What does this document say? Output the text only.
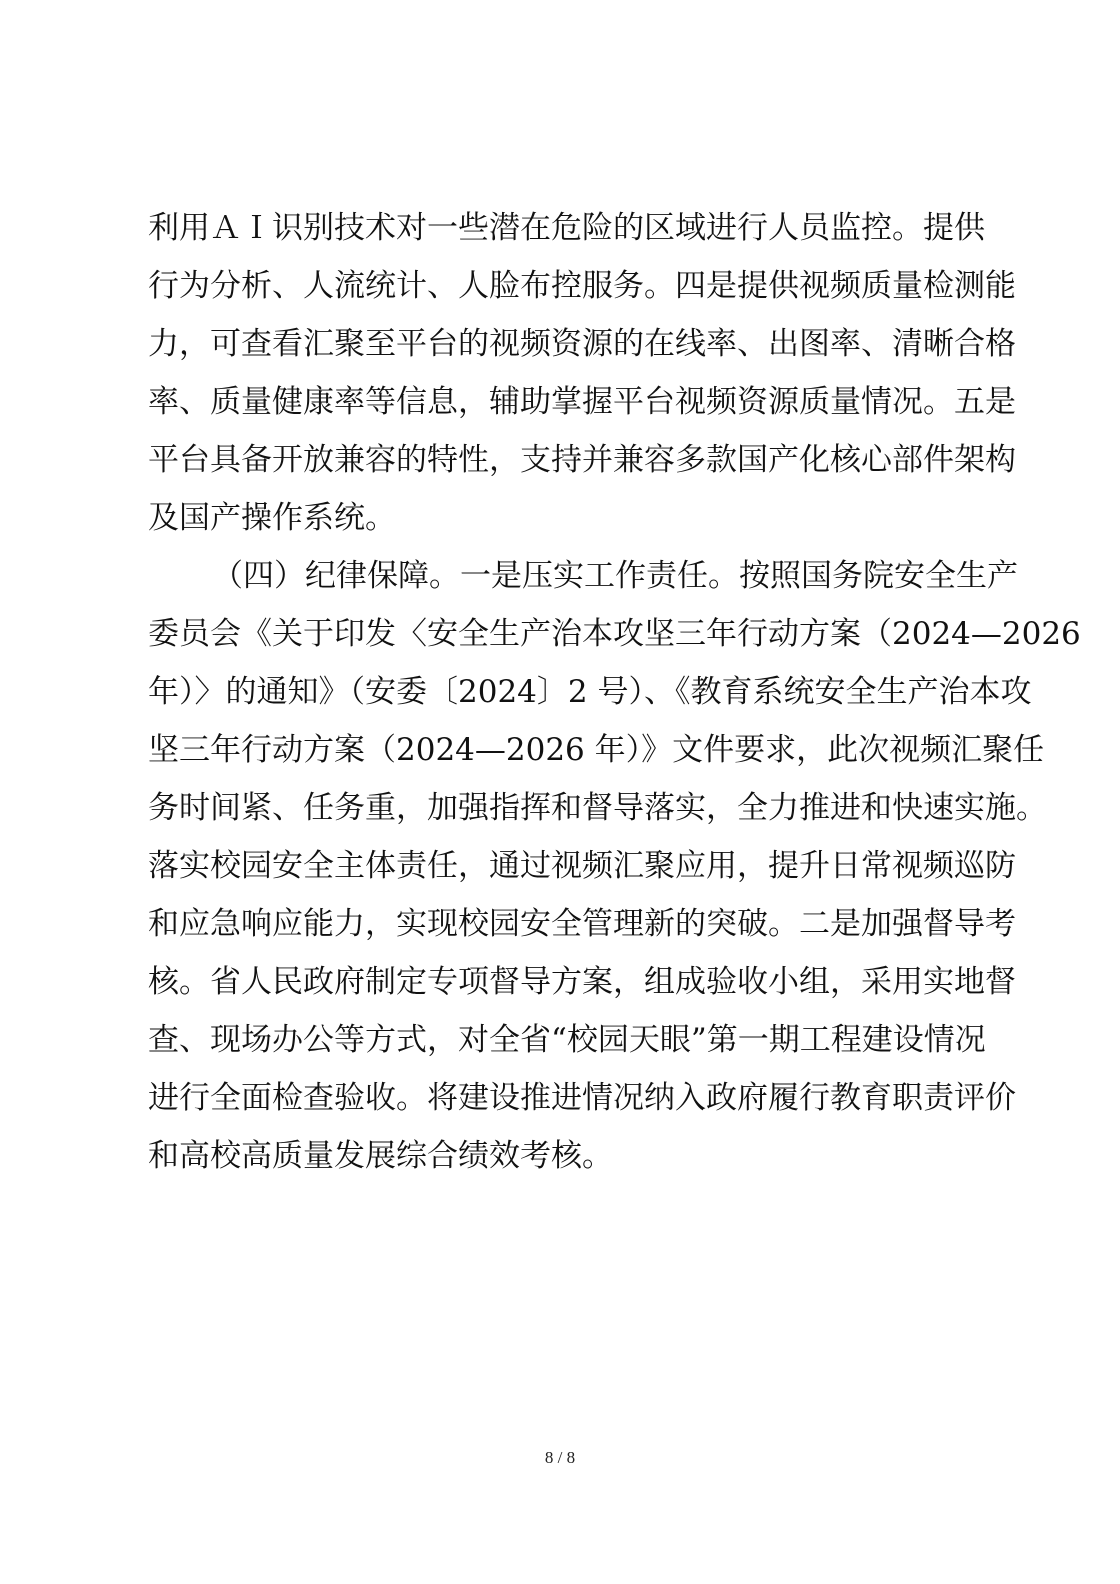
利用ＡＩ识别技术对一些潜在危险的区域进行人员监控。提供
行为分析、人流统计、人脸布控服务。四是提供视频质量检测能
力，可查看汇聚至平台的视频资源的在线率、出图率、清晰合格
率、质量健康率等信息，辅助掌握平台视频资源质量情况。五是
平台具备开放兼容的特性，支持并兼容多款国产化核心部件架构
及国产操作系统。
（四）纪律保障。一是压实工作责任。按照国务院安全生产
委员会《关于印发〈安全生产治本攻坚三年行动方案（2024—2026
年）〉的通知》（安委〔2024〕2 号）、《教育系统安全生产治本攻
坚三年行动方案（2024—2026 年）》文件要求，此次视频汇聚任
务时间紧、任务重，加强指挥和督导落实，全力推进和快速实施。
落实校园安全主体责任，通过视频汇聚应用，提升日常视频巡防
和应急响应能力，实现校园安全管理新的突破。二是加强督导考
核。省人民政府制定专项督导方案，组成验收小组，采用实地督
查、现场办公等方式，对全省“校园天眼”第一期工程建设情况
进行全面检查验收。将建设推进情况纳入政府履行教育职责评价
和高校高质量发展综合绩效考核。
8 / 8
